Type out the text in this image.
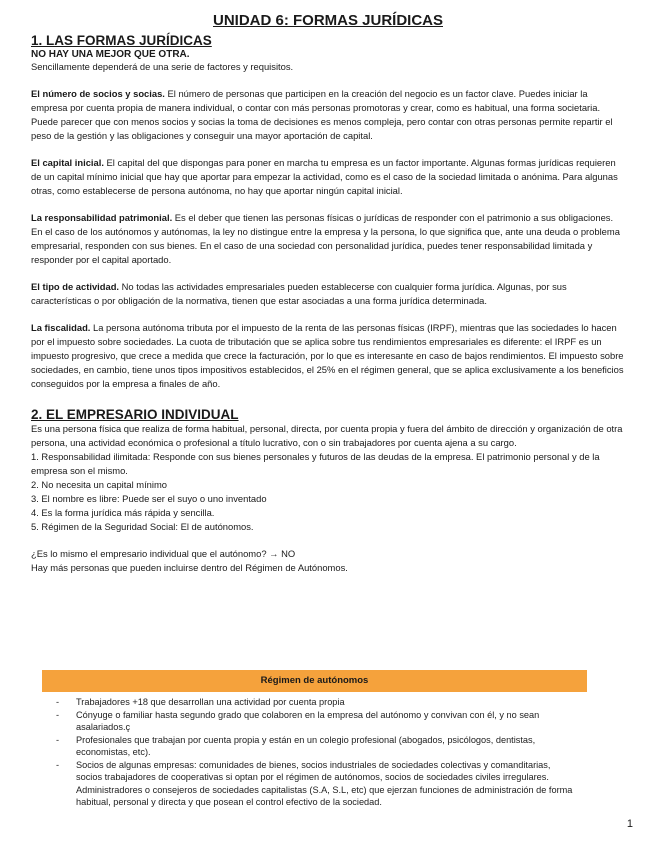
UNIDAD 6: FORMAS JURÍDICAS
1. LAS FORMAS JURÍDICAS
NO HAY UNA MEJOR QUE OTRA.

Sencillamente dependerá de una serie de factores y requisitos.

El número de socios y socias. El número de personas que participen en la creación del negocio es un factor clave. Puedes iniciar la empresa por cuenta propia de manera individual, o contar con más personas promotoras y crear, como es habitual, una forma societaria. Puede parecer que con menos socios y socias la toma de decisiones es menos compleja, pero contar con otras personas permite repartir el peso de la gestión y las obligaciones y conseguir una mayor aportación de capital.

El capital inicial. El capital del que dispongas para poner en marcha tu empresa es un factor importante. Algunas formas jurídicas requieren de un capital mínimo inicial que hay que aportar para empezar la actividad, como es el caso de la sociedad limitada o anónima. Para algunas otras, como establecerse de persona autónoma, no hay que aportar ningún capital inicial.

La responsabilidad patrimonial. Es el deber que tienen las personas físicas o jurídicas de responder con el patrimonio a sus obligaciones. En el caso de los autónomos y autónomas, la ley no distingue entre la empresa y la persona, lo que significa que, ante una deuda o problema empresarial, responden con sus bienes. En el caso de una sociedad con personalidad jurídica, puedes tener responsabilidad limitada y responder por el capital aportado.

El tipo de actividad. No todas las actividades empresariales pueden establecerse con cualquier forma jurídica. Algunas, por sus características o por obligación de la normativa, tienen que estar asociadas a una forma jurídica determinada.

La fiscalidad. La persona autónoma tributa por el impuesto de la renta de las personas físicas (IRPF), mientras que las sociedades lo hacen por el impuesto sobre sociedades. La cuota de tributación que se aplica sobre tus rendimientos empresariales es diferente: el IRPF es un impuesto progresivo, que crece a medida que crece la facturación, por lo que es interesante en caso de bajos rendimientos. El impuesto sobre sociedades, en cambio, tiene unos tipos impositivos establecidos, el 25% en el régimen general, que se aplica exclusivamente a los beneficios conseguidos por la empresa a finales de año.

2. EL EMPRESARIO INDIVIDUAL

Es una persona física que realiza de forma habitual, personal, directa, por cuenta propia y fuera del ámbito de dirección y organización de otra persona, una actividad económica o profesional a título lucrativo, con o sin trabajadores por cuenta ajena a su cargo.

1. Responsabilidad ilimitada: Responde con sus bienes personales y futuros de las deudas de la empresa. El patrimonio personal y de la empresa son el mismo.

2. No necesita un capital mínimo

3. El nombre es libre: Puede ser el suyo o uno inventado

4. Es la forma jurídica más rápida y sencilla.

5. Régimen de la Seguridad Social: El de autónomos.

¿Es lo mismo el empresario individual que el autónomo? → NO

Hay más personas que pueden incluirse dentro del Régimen de Autónomos.

Régimen de autónomos
-	Trabajadores +18 que desarrollan una actividad por cuenta propia
-	Cónyuge o familiar hasta segundo grado que colaboren en la empresa del autónomo y convivan con él, y no sean asalariados.ç
-	Profesionales que trabajan por cuenta propia y están en un colegio profesional (abogados, psicólogos, dentistas, economistas, etc).
-	Socios de algunas empresas: comunidades de bienes, socios industriales de sociedades colectivas y comanditarias, socios trabajadores de cooperativas si optan por el régimen de autónomos, socios de sociedades civiles irregulares.
Administradores o consejeros de sociedades capitalistas (S.A, S.L, etc) que ejerzan funciones de administración de forma habitual, personal y directa y que posean el control efectivo de la sociedad.
1
